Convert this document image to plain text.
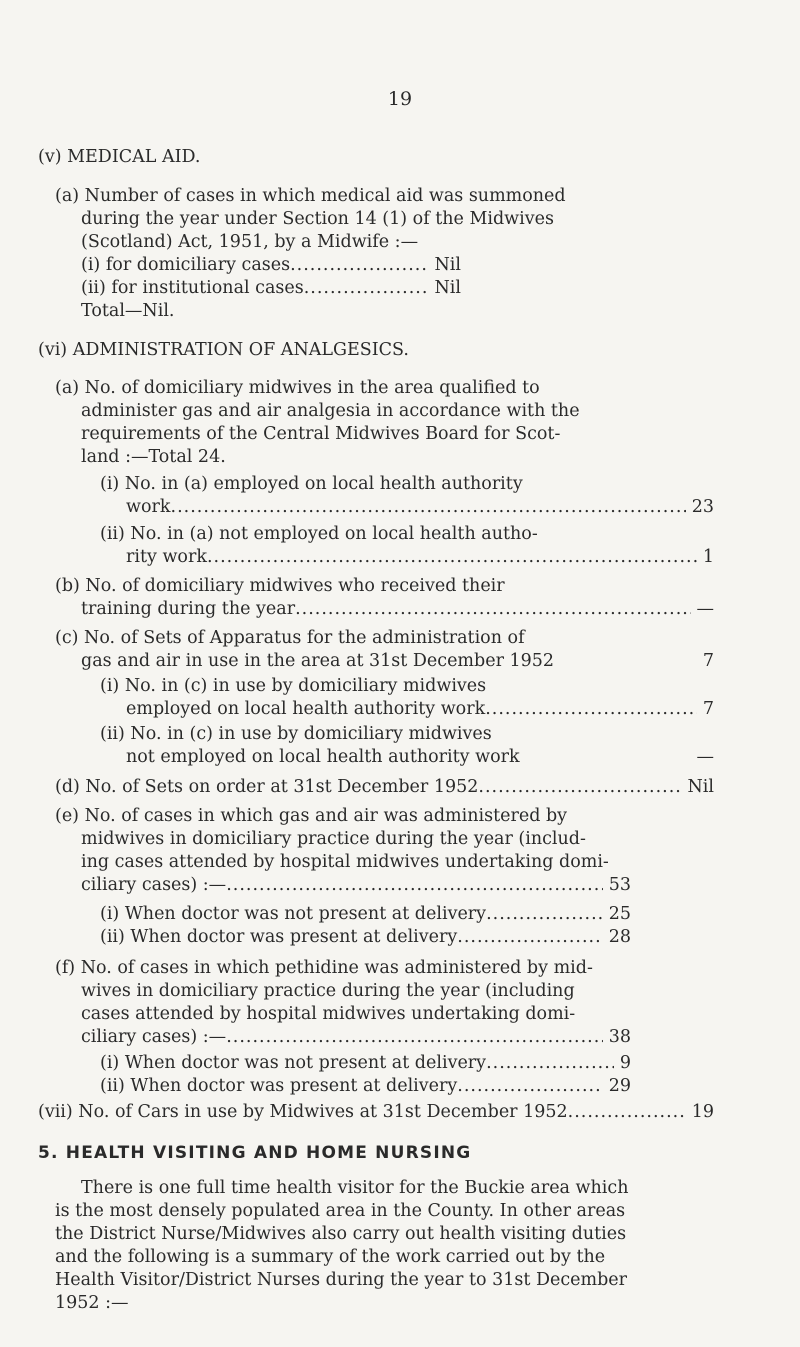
19
(v) MEDICAL AID.
(a) Number of cases in which medical aid was summoned
during the year under Section 14 (1) of the Midwives
(Scotland) Act, 1951, by a Midwife :—
(i) for domiciliary cases .....	Nil
(ii) for institutional cases .....	Nil
Total—Nil.
(vi) ADMINISTRATION OF ANALGESICS.
(a) No. of domiciliary midwives in the area qualified to
administer gas and air analgesia in accordance with the
requirements of the Central Midwives Board for Scot-
land :—Total 24.
(i) No. in (a) employed on local health authority
work .....	23
(ii) No. in (a) not employed on local health autho-
rity work .....	1
(b) No. of domiciliary midwives who received their
training during the year .....	—
(c) No. of Sets of Apparatus for the administration of
gas and air in use in the area at 31st December 1952	7
(i) No. in (c) in use by domiciliary midwives
employed on local health authority work .....	7
(ii) No. in (c) in use by domiciliary midwives
not employed on local health authority work	—
(d) No. of Sets on order at 31st December 1952 .....	Nil
(e) No. of cases in which gas and air was administered by
midwives in domiciliary practice during the year (includ-
ing cases attended by hospital midwives undertaking domi-
ciliary cases) :— .....	53
(i) When doctor was not present at delivery .....	25
(ii) When doctor was present at delivery .....	28
(f) No. of cases in which pethidine was administered by mid-
wives in domiciliary practice during the year (including
cases attended by hospital midwives undertaking domi-
ciliary cases) :— .....	38
(i) When doctor was not present at delivery .....	9
(ii) When doctor was present at delivery .....	29
(vii) No. of Cars in use by Midwives at 31st December 1952 .....	19
5. HEALTH VISITING AND HOME NURSING
There is one full time health visitor for the Buckie area which
is the most densely populated area in the County. In other areas
the District Nurse/Midwives also carry out health visiting duties
and the following is a summary of the work carried out by the
Health Visitor/District Nurses during the year to 31st December
1952 :—
